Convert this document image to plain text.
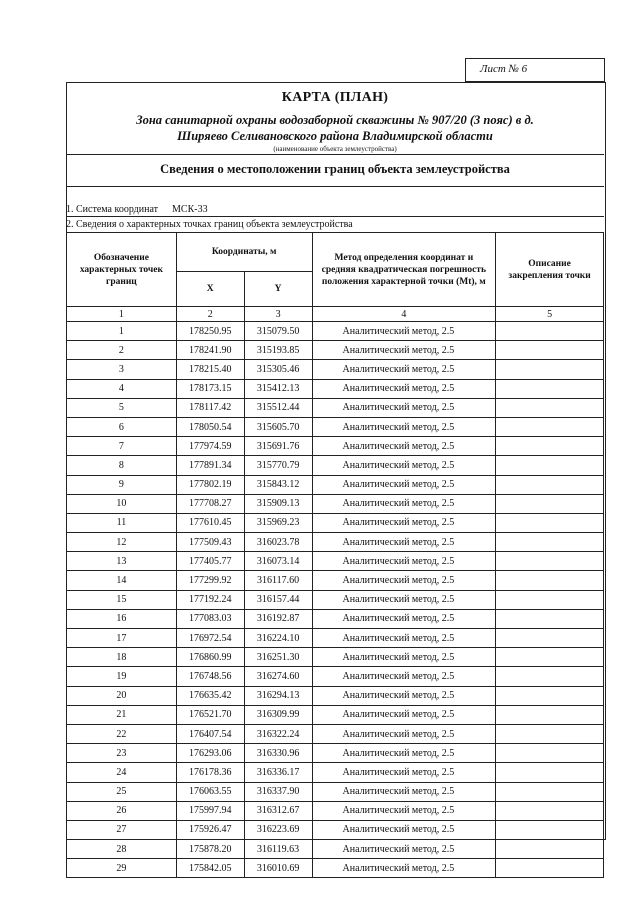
Лист № 6
КАРТА (ПЛАН)
Зона санитарной охраны водозаборной скважины № 907/20 (3 пояс) в д.
Ширяево Селивановского района Владимирской области
(наименование объекта землеустройства)
Сведения о местоположении границ объекта землеустройства
1. Система координат МСК-33
2. Сведения о характерных точках границ объекта землеустройства
Обозначение характерных точек границ	Координаты, м		Метод определения координат и средняя квадратическая погрешность положения характерной точки (Мt), м	Описание закрепления точки
	X	Y		
1	2	3	4	5
1	178250.95	315079.50	Аналитический метод, 2.5	
2	178241.90	315193.85	Аналитический метод, 2.5	
3	178215.40	315305.46	Аналитический метод, 2.5	
4	178173.15	315412.13	Аналитический метод, 2.5	
5	178117.42	315512.44	Аналитический метод, 2.5	
6	178050.54	315605.70	Аналитический метод, 2.5	
7	177974.59	315691.76	Аналитический метод, 2.5	
8	177891.34	315770.79	Аналитический метод, 2.5	
9	177802.19	315843.12	Аналитический метод, 2.5	
10	177708.27	315909.13	Аналитический метод, 2.5	
11	177610.45	315969.23	Аналитический метод, 2.5	
12	177509.43	316023.78	Аналитический метод, 2.5	
13	177405.77	316073.14	Аналитический метод, 2.5	
14	177299.92	316117.60	Аналитический метод, 2.5	
15	177192.24	316157.44	Аналитический метод, 2.5	
16	177083.03	316192.87	Аналитический метод, 2.5	
17	176972.54	316224.10	Аналитический метод, 2.5	
18	176860.99	316251.30	Аналитический метод, 2.5	
19	176748.56	316274.60	Аналитический метод, 2.5	
20	176635.42	316294.13	Аналитический метод, 2.5	
21	176521.70	316309.99	Аналитический метод, 2.5	
22	176407.54	316322.24	Аналитический метод, 2.5	
23	176293.06	316330.96	Аналитический метод, 2.5	
24	176178.36	316336.17	Аналитический метод, 2.5	
25	176063.55	316337.90	Аналитический метод, 2.5	
26	175997.94	316312.67	Аналитический метод, 2.5	
27	175926.47	316223.69	Аналитический метод, 2.5	
28	175878.20	316119.63	Аналитический метод, 2.5	
29	175842.05	316010.69	Аналитический метод, 2.5	
